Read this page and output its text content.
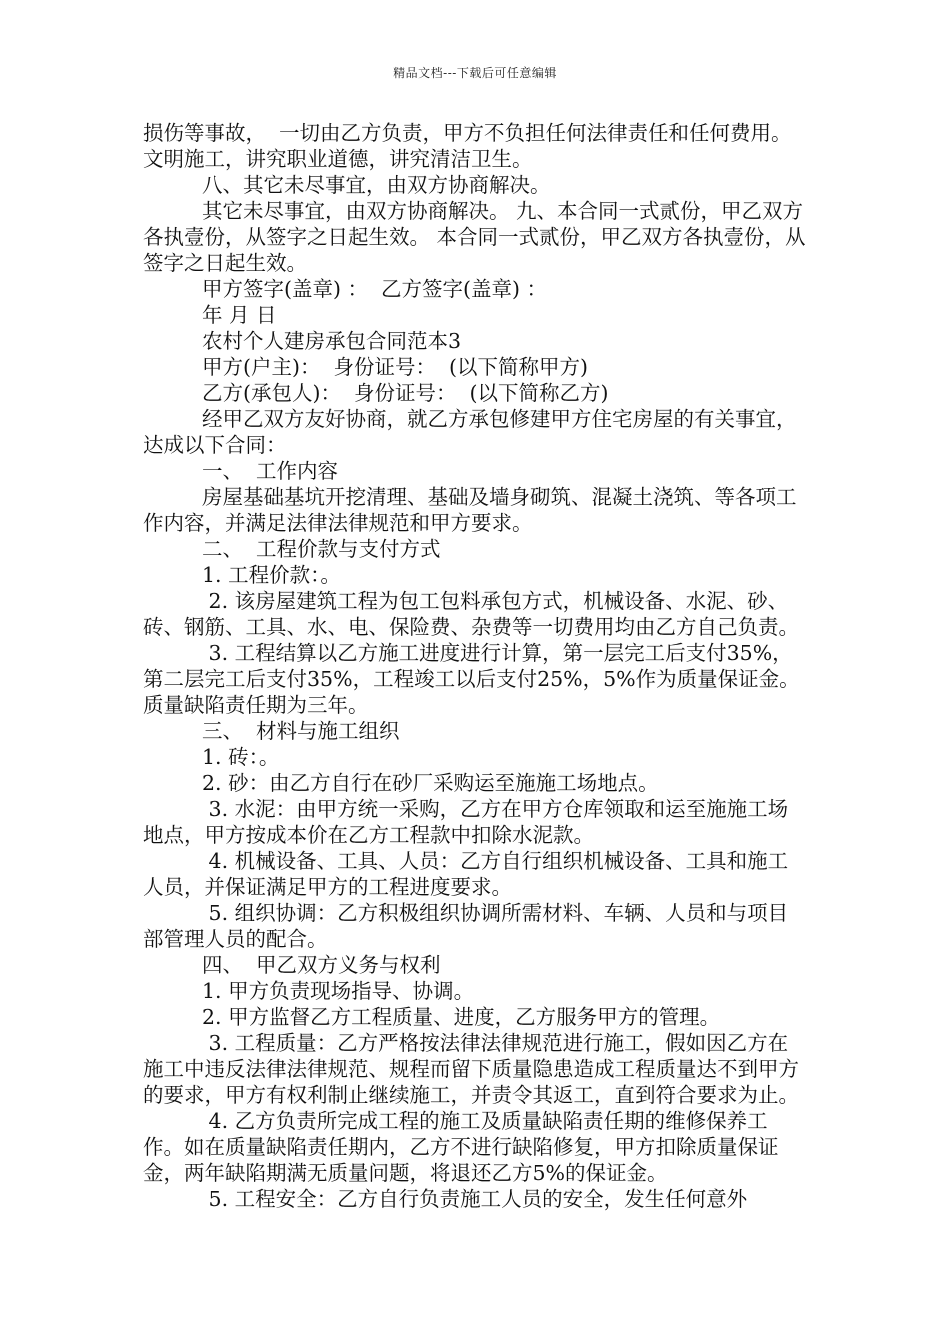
精品文档---下载后可任意编辑

损伤等事故，  一切由乙方负责，甲方不负担任何法律责任和任何费用。文明施工，讲究职业道德，讲究清洁卫生。

八、其它未尽事宜，由双方协商解决。

其它未尽事宜，由双方协商解决。 九、本合同一式贰份，甲乙双方各执壹份，从签字之日起生效。 本合同一式贰份，甲乙双方各执壹份，从签字之日起生效。

甲方签字(盖章) ：  乙方签字(盖章) ：

年 月 日

农村个人建房承包合同范本3

甲方(户主)：  身份证号：  (以下简称甲方)

乙方(承包人)：  身份证号：  (以下简称乙方)

经甲乙双方友好协商，就乙方承包修建甲方住宅房屋的有关事宜，达成以下合同：

一、  工作内容

房屋基础基坑开挖清理、基础及墙身砌筑、混凝土浇筑、等各项工作内容，并满足法律法律规范和甲方要求。

二、  工程价款与支付方式

1. 工程价款：。

2. 该房屋建筑工程为包工包料承包方式，机械设备、水泥、砂、砖、钢筋、工具、水、电、保险费、杂费等一切费用均由乙方自己负责。

3. 工程结算以乙方施工进度进行计算，第一层完工后支付35%，第二层完工后支付35%，工程竣工以后支付25%，5%作为质量保证金。质量缺陷责任期为三年。

三、  材料与施工组织

1. 砖：。

2. 砂：由乙方自行在砂厂采购运至施施工场地点。

3. 水泥：由甲方统一采购，乙方在甲方仓库领取和运至施施工场地点，甲方按成本价在乙方工程款中扣除水泥款。

4. 机械设备、工具、人员：乙方自行组织机械设备、工具和施工人员，并保证满足甲方的工程进度要求。

5. 组织协调：乙方积极组织协调所需材料、车辆、人员和与项目部管理人员的配合。

四、  甲乙双方义务与权利

1. 甲方负责现场指导、协调。

2. 甲方监督乙方工程质量、进度，乙方服务甲方的管理。

3. 工程质量：乙方严格按法律法律规范进行施工，假如因乙方在施工中违反法律法律规范、规程而留下质量隐患造成工程质量达不到甲方的要求，甲方有权利制止继续施工，并责令其返工，直到符合要求为止。

4. 乙方负责所完成工程的施工及质量缺陷责任期的维修保养工作。如在质量缺陷责任期内，乙方不进行缺陷修复，甲方扣除质量保证金，两年缺陷期满无质量问题，将退还乙方5%的保证金。

5. 工程安全：乙方自行负责施工人员的安全，发生任何意外
